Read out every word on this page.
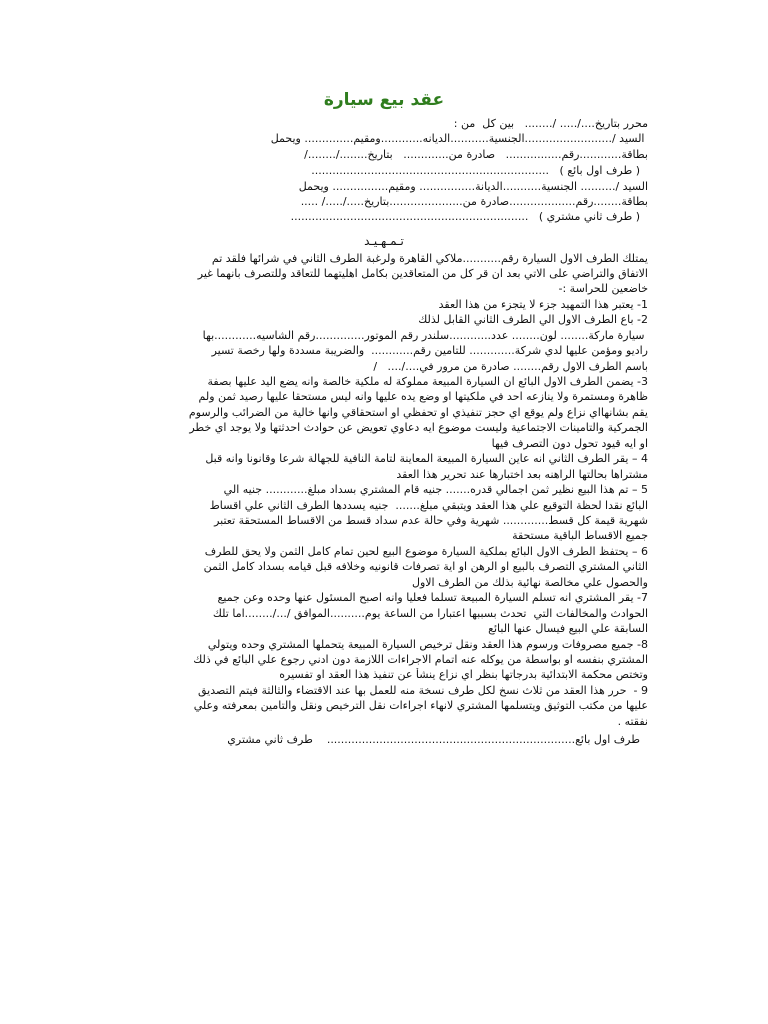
عقد بيع سيارة

محرر بتاريخ..../..... /........   بين كل  من :

السيد /.........................الجنسية...........الديانه............ومقيم.............. ويحمل

بطاقة............رقم................   صادرة من.............   بتاريخ......../......../

( طرف اول بائع )   ....................................................................

السيد /.......... الجنسية...........الديانة................ ومقيم................ ويحمل

بطاقة........رقم...................صادرة من.....................بتاريخ...../...../ .....

( طرف ثاني مشتري )   ....................................................................

تـمـهـيـد

يمتلك الطرف الاول السيارة رقم...........ملاكي القاهرة ولرغبة الطرف الثاني في شرائها فلقد تم

الاتفاق والتراضي على الاتي بعد ان قر كل من المتعاقدين بكامل اهليتهما للتعاقد وللتصرف بانهما غير

خاضعين للحراسة :-

1- يعتبر هذا التمهيد جزء لا يتجزء من هذا العقد

2- باع الطرف الاول الي الطرف الثاني القابل لذلك

سيارة ماركة........ لون........ عدد............سلندر رقم الموتور..............رقم الشاسيه............بها

راديو ومؤمن عليها لدي شركة............. للتامين رقم............  والضريبة مسددة ولها رخصة تسير

باسم الطرف الاول رقم........ صادرة من مرور في..../....   /

3- يضمن الطرف الاول البائع ان السيارة المبيعة مملوكة له ملكية خالصة وانه يضع اليد عليها بصفة

ظاهرة ومستمرة ولا ينازعه احد في ملكيتها او وضع يده عليها وانه ليس مستحقا عليها رصيد ثمن ولم

يقم بشانهااي نزاع ولم يوقع اي حجز تنفيذي او تحفظي او استحقاقي وانها خالية من الضرائب والرسوم

الجمركية والتامينات الاجتماعية وليست موضوع ايه دعاوي تعويض عن حوادث احدثتها ولا يوجد اي خطر

او ايه قيود تحول دون التصرف فيها

4 – يقر الطرف الثاني انه عاين السيارة المبيعة المعاينة لتامة النافية للجهالة شرعا وقانونا وانه قبل

مشتراها بحالتها الراهنه بعد اختبارها عند تحرير هذا العقد

5 – تم هذا البيع نظير ثمن اجمالي قدره....... جنيه قام المشتري بسداد مبلغ............ جنيه الي

البائع نقدا لحظة التوقيع علي هذا العقد ويتبقي مبلغ.......  جنيه يسددها الطرف الثاني علي اقساط

شهرية قيمة كل قسط............. شهرية وفي حالة عدم سداد قسط من الاقساط المستحقة تعتبر

جميع الاقساط الباقية مستحقة

6 – يحتفظ الطرف الاول البائع بملكية السيارة موضوع البيع لحين تمام كامل الثمن ولا يحق للطرف

الثاني المشتري التصرف بالبيع او الرهن او اية تصرفات قانونيه وخلافه قبل قيامه بسداد كامل الثمن

والحصول علي مخالصة نهائية بذلك من الطرف الاول

7- يقر المشتري انه تسلم السيارة المبيعة تسلما فعليا وانه اصبح المسئول عنها وحده وعن جميع

الحوادث والمخالفات التي  تحدث بسببها اعتبارا من الساعة يوم..........الموافق /.../........اما تلك

السابقة علي البيع فيسال عنها البائع

8- جميع مصروفات ورسوم هذا العقد ونقل ترخيص السيارة المبيعة يتحملها المشتري وحده ويتولي

المشتري بنفسه او بواسطة من يوكله عنه اتمام الاجراءات اللازمة دون ادني رجوع علي البائع في ذلك

وتختص محكمة الابتدائية بدرجاتها بنظر اي نزاع ينشأ عن تنفيذ هذا العقد او تفسيره

9 -  حرر هذا العقد من ثلاث نسخ لكل طرف نسخة منه للعمل بها عند الاقتضاء والثالثة فيتم التصديق

عليها من مكتب التوثيق ويتسلمها المشتري لانهاء اجراءات نقل الترخيص ونقل والتامين بمعرفته وعلي

نفقته .

طرف اول بائع.......................................................................    طرف ثاني مشتري
